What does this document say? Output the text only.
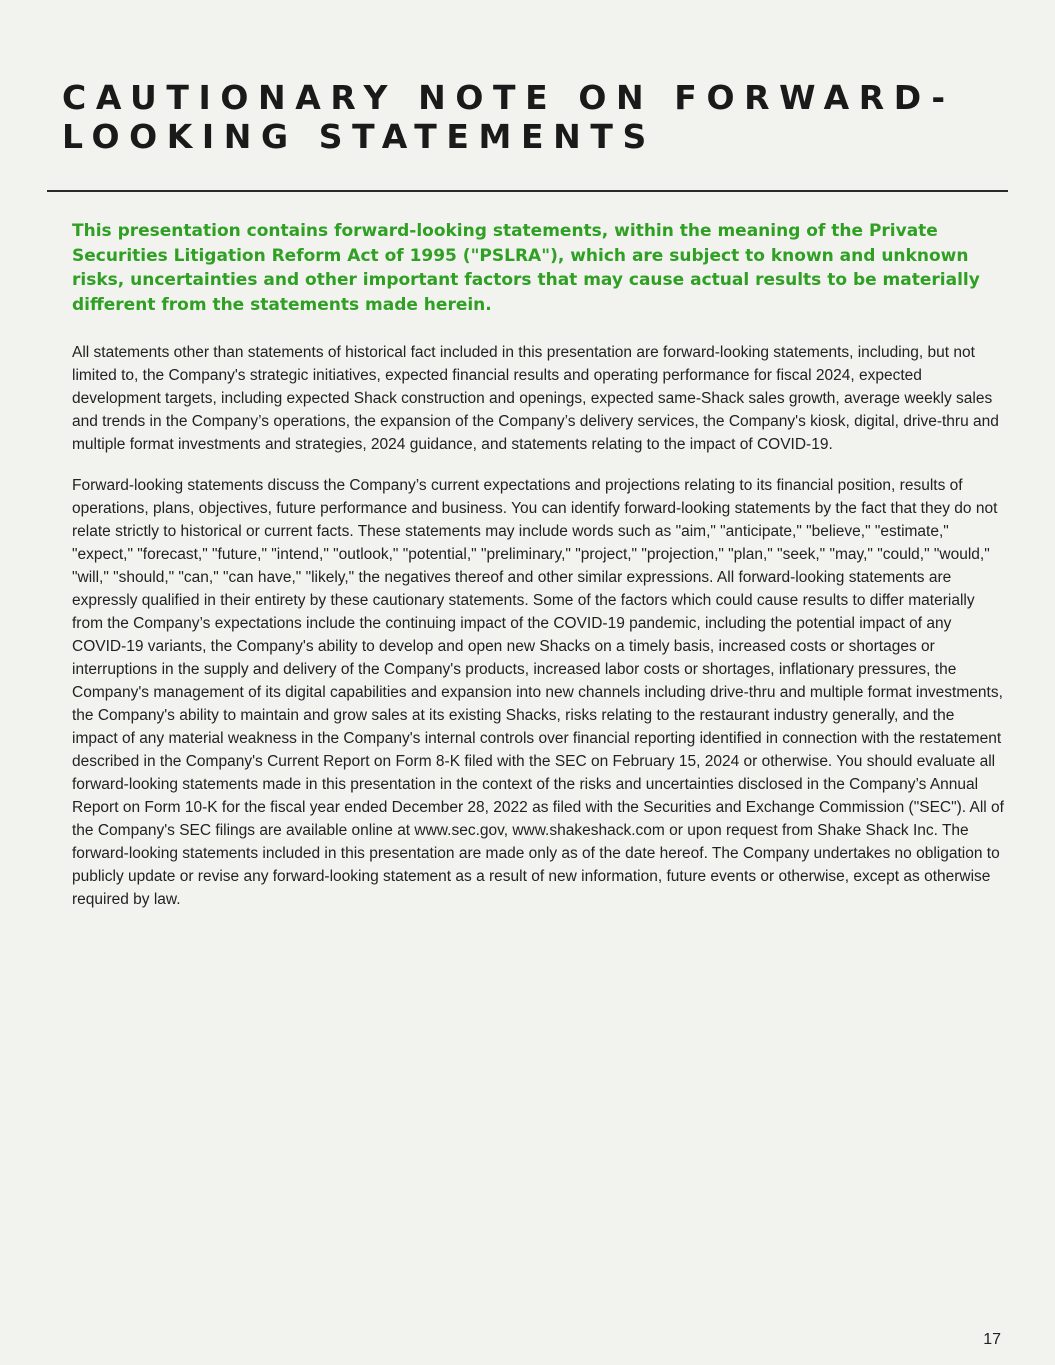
CAUTIONARY NOTE ON FORWARD-LOOKING STATEMENTS

This presentation contains forward-looking statements, within the meaning of the Private Securities Litigation Reform Act of 1995 ("PSLRA"), which are subject to known and unknown risks, uncertainties and other important factors that may cause actual results to be materially different from the statements made herein.

All statements other than statements of historical fact included in this presentation are forward-looking statements, including, but not limited to, the Company's strategic initiatives, expected financial results and operating performance for fiscal 2024, expected development targets, including expected Shack construction and openings, expected same-Shack sales growth, average weekly sales and trends in the Company’s operations, the expansion of the Company’s delivery services, the Company's kiosk, digital, drive-thru and multiple format investments and strategies, 2024 guidance, and statements relating to the impact of COVID-19.

Forward-looking statements discuss the Company’s current expectations and projections relating to its financial position, results of operations, plans, objectives, future performance and business. You can identify forward-looking statements by the fact that they do not relate strictly to historical or current facts. These statements may include words such as "aim," "anticipate," "believe," "estimate," "expect," "forecast," "future," "intend," "outlook," "potential," "preliminary," "project," "projection," "plan," "seek," "may," "could," "would," "will," "should," "can," "can have," "likely," the negatives thereof and other similar expressions. All forward-looking statements are expressly qualified in their entirety by these cautionary statements. Some of the factors which could cause results to differ materially from the Company’s expectations include the continuing impact of the COVID-19 pandemic, including the potential impact of any COVID-19 variants, the Company's ability to develop and open new Shacks on a timely basis, increased costs or shortages or interruptions in the supply and delivery of the Company's products, increased labor costs or shortages, inflationary pressures, the Company's management of its digital capabilities and expansion into new channels including drive-thru and multiple format investments, the Company's ability to maintain and grow sales at its existing Shacks, risks relating to the restaurant industry generally, and the impact of any material weakness in the Company's internal controls over financial reporting identified in connection with the restatement described in the Company's Current Report on Form 8-K filed with the SEC on February 15, 2024 or otherwise. You should evaluate all forward-looking statements made in this presentation in the context of the risks and uncertainties disclosed in the Company’s Annual Report on Form 10-K for the fiscal year ended December 28, 2022 as filed with the Securities and Exchange Commission ("SEC"). All of the Company's SEC filings are available online at www.sec.gov, www.shakeshack.com or upon request from Shake Shack Inc. The forward-looking statements included in this presentation are made only as of the date hereof. The Company undertakes no obligation to publicly update or revise any forward-looking statement as a result of new information, future events or otherwise, except as otherwise required by law.

17
